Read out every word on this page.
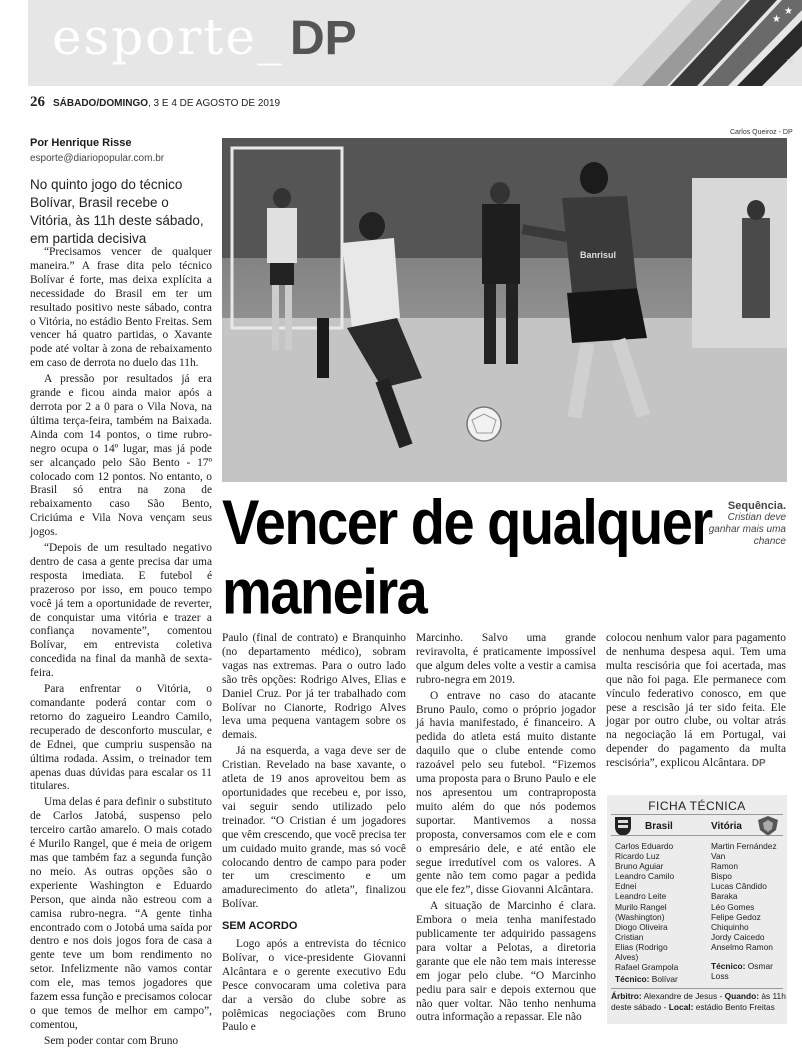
esporte_ DP	★
★
★
26 SÁBADO/DOMINGO, 3 E 4 DE AGOSTO DE 2019
Por Henrique Risse
esporte@diariopopular.com.br
No quinto jogo do técnico Bolívar, Brasil recebe o Vitória, às 11h deste sábado, em partida decisiva

“Precisamos vencer de qualquer maneira.” A frase dita pelo técnico Bolívar é forte, mas deixa explícita a necessidade do Brasil em ter um resultado positivo neste sábado, contra o Vitória, no estádio Bento Freitas. Sem vencer há quatro partidas, o Xavante pode até voltar à zona de rebaixamento em caso de derrota no duelo das 11h.

A pressão por resultados já era grande e ficou ainda maior após a derrota por 2 a 0 para o Vila Nova, na última terça-feira, também na Baixada. Ainda com 14 pontos, o time rubro-negro ocupa o 14º lugar, mas já pode ser alcançado pelo São Bento - 17º colocado com 12 pontos. No entanto, o Brasil só entra na zona de rebaixamento caso São Bento, Criciúma e Vila Nova vençam seus jogos.

“Depois de um resultado negativo dentro de casa a gente precisa dar uma resposta imediata. E futebol é prazeroso por isso, em pouco tempo você já tem a oportunidade de reverter, de conquistar uma vitória e trazer a confiança novamente”, comentou Bolívar, em entrevista coletiva concedida na final da manhã de sexta-feira.

Para enfrentar o Vitória, o comandante poderá contar com o retorno do zagueiro Leandro Camilo, recuperado de desconforto muscular, e de Ednei, que cumpriu suspensão na última rodada. Assim, o treinador tem apenas duas dúvidas para escalar os 11 titulares.

Uma delas é para definir o substituto de Carlos Jatobá, suspenso pelo terceiro cartão amarelo. O mais cotado é Murilo Rangel, que é meia de origem mas que também faz a segunda função no meio. As outras opções são o experiente Washington e Eduardo Person, que ainda não estreou com a camisa rubro-negra. “A gente tinha encontrado com o Jotobá uma saída por dentro e nos dois jogos fora de casa a gente teve um bom rendimento no setor. Infelizmente não vamos contar com ele, mas temos jogadores que fazem essa função e precisamos colocar o que temos de melhor em campo”, comentou,

Sem poder contar com Bruno

Carlos Queiroz - DP
Banrisul
Sequência.
Cristian deve ganhar mais uma chance
Vencer de qualquer maneira

Paulo (final de contrato) e Branquinho (no departamento médico), sobram vagas nas extremas. Para o outro lado são três opções: Rodrigo Alves, Elias e Daniel Cruz. Por já ter trabalhado com Bolívar no Cianorte, Rodrigo Alves leva uma pequena vantagem sobre os demais.

Já na esquerda, a vaga deve ser de Cristian. Revelado na base xavante, o atleta de 19 anos aproveitou bem as oportunidades que recebeu e, por isso, vai seguir sendo utilizado pelo treinador. “O Cristian é um jogadores que vêm crescendo, que você precisa ter um cuidado muito grande, mas só você colocando dentro de campo para poder ter um crescimento e um amadurecimento do atleta”, finalizou Bolívar.

SEM ACORDO

Logo após a entrevista do técnico Bolívar, o vice-presidente Giovanni Alcântara e o gerente executivo Edu Pesce convocaram uma coletiva para dar a versão do clube sobre as polêmicas negociações com Bruno Paulo e

Marcinho. Salvo uma grande reviravolta, é praticamente impossível que algum deles volte a vestir a camisa rubro-negra em 2019.

O entrave no caso do atacante Bruno Paulo, como o próprio jogador já havia manifestado, é financeiro. A pedida do atleta está muito distante daquilo que o clube entende como razoável pelo seu futebol. “Fizemos uma proposta para o Bruno Paulo e ele nos apresentou um contraproposta muito além do que nós podemos suportar. Mantivemos a nossa proposta, conversamos com ele e com o empresário dele, e até então ele segue irredutível com os valores. A gente não tem como pagar a pedida que ele fez”, disse Giovanni Alcântara.

A situação de Marcinho é clara. Embora o meia tenha manifestado publicamente ter adquirido passagens para voltar a Pelotas, a diretoria garante que ele não tem mais interesse em jogar pelo clube. “O Marcinho pediu para sair e depois externou que não quer voltar. Não tenho nenhuma outra informação a repassar. Ele não

colocou nenhum valor para pagamento de nenhuma despesa aqui. Tem uma multa rescisória que foi acertada, mas que não foi paga. Ele permanece com vínculo federativo conosco, em que pese a rescisão já ter sido feita. Ele jogar por outro clube, ou voltar atrás na negociação lá em Portugal, vai depender do pagamento da multa rescisória”, explicou Alcântara. DP

FICHA TÉCNICA
Brasil	Vitória
Carlos Eduardo
Ricardo Luz
Bruno Aguiar
Leandro Camilo
Ednei
Leandro Leite
Murilo Rangel
(Washington)
Diogo Oliveira
Cristian
Elias (Rodrigo
Alves)
Rafael Grampola
Martin Fernández
Van
Ramon
Bispo
Lucas Cândido
Baraka
Léo Gomes
Felipe Gedoz
Chiquinho
Jordy Caicedo
Anselmo Ramon
Técnico: Bolívar
Técnico: Osmar Loss
Árbitro: Alexandre de Jesus - Quando: às 11h deste sábado - Local: estádio Bento Freitas
